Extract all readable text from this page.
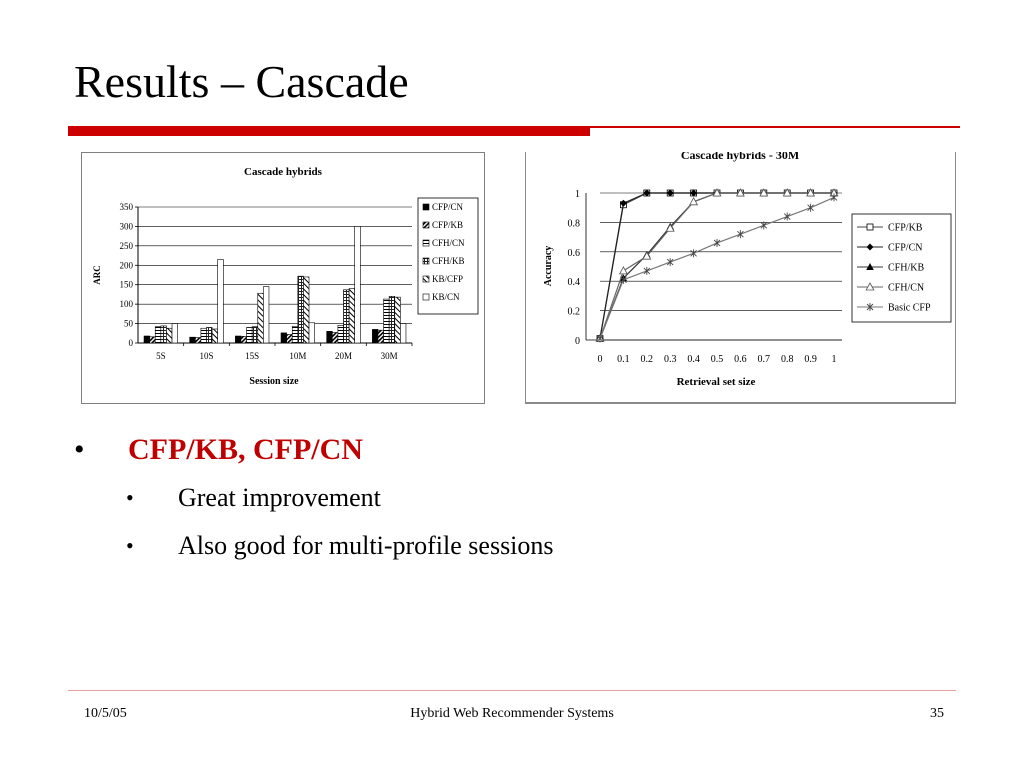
Results – Cascade
Cascade hybrids
ARC
Session size
0
50
100
150
200
250
300
350
5S	10S	15S	10M	20M	30M
CFP/CN
CFP/KB
CFH/CN
CFH/KB
KB/CFP
KB/CN
Cascade hybrids - 30M
Accuracy
Retrieval set size
0
0.2
0.4
0.6
0.8
1
0 0.1 0.2 0.3 0.4 0.5 0.6 0.7 0.8 0.9 1
CFP/KB
CFP/CN
CFH/KB
CFH/CN
Basic CFP
• CFP/KB, CFP/CN
• Great improvement
• Also good for multi-profile sessions
10/5/05	Hybrid Web Recommender Systems	35
